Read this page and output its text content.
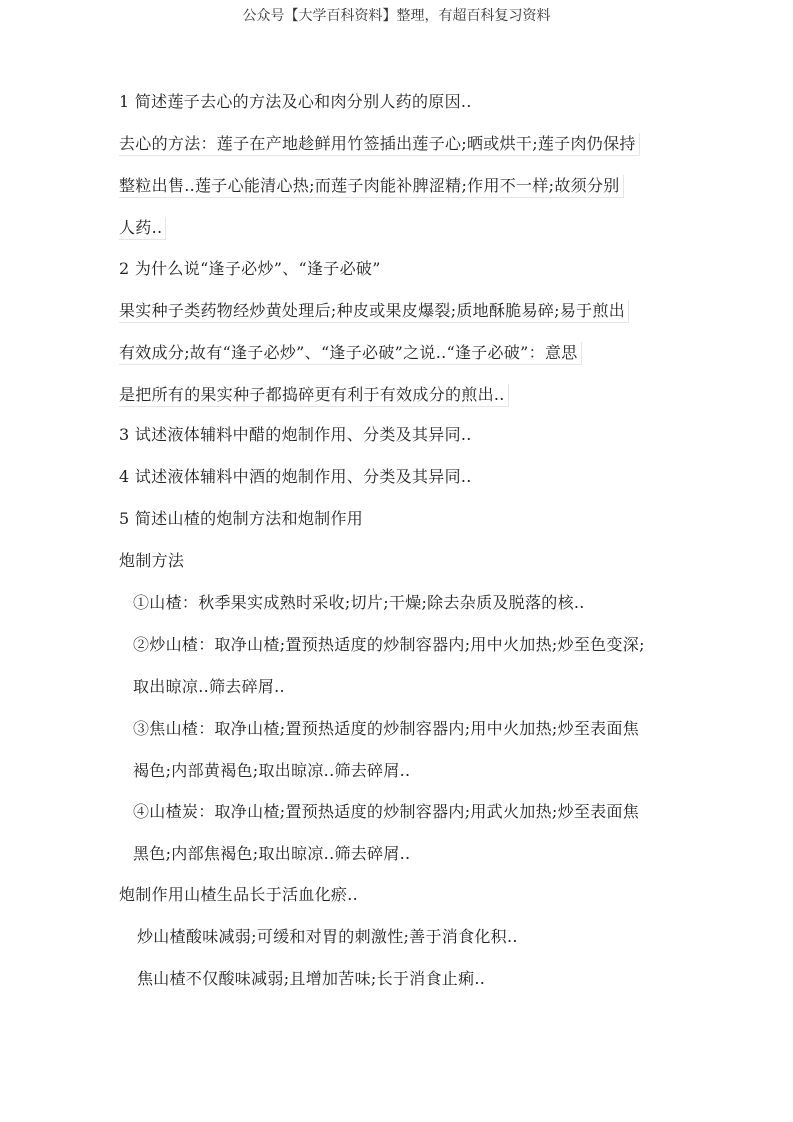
公众号【大学百科资料】整理，有超百科复习资料
1 简述莲子去心的方法及心和肉分别人药的原因..
去心的方法：莲子在产地趁鲜用竹签插出莲子心;晒或烘干;莲子肉仍保持
整粒出售..莲子心能清心热;而莲子肉能补脾涩精;作用不一样;故须分别
人药..
2 为什么说“逢子必炒”、“逢子必破”
果实种子类药物经炒黄处理后;种皮或果皮爆裂;质地酥脆易碎;易于煎出
有效成分;故有“逢子必炒”、“逢子必破”之说..“逢子必破”：意思
是把所有的果实种子都捣碎更有利于有效成分的煎出..
3 试述液体辅料中醋的炮制作用、分类及其异同..
4 试述液体辅料中酒的炮制作用、分类及其异同..
5 简述山楂的炮制方法和炮制作用
炮制方法
①山楂：秋季果实成熟时采收;切片;干燥;除去杂质及脱落的核..
②炒山楂：取净山楂;置预热适度的炒制容器内;用中火加热;炒至色变深;
取出晾凉..筛去碎屑..
③焦山楂：取净山楂;置预热适度的炒制容器内;用中火加热;炒至表面焦
褐色;内部黄褐色;取出晾凉..筛去碎屑..
④山楂炭：取净山楂;置预热适度的炒制容器内;用武火加热;炒至表面焦
黑色;内部焦褐色;取出晾凉..筛去碎屑..
炮制作用山楂生品长于活血化瘀..
炒山楂酸味减弱;可缓和对胃的刺激性;善于消食化积..
焦山楂不仅酸味减弱;且增加苦味;长于消食止痢..
